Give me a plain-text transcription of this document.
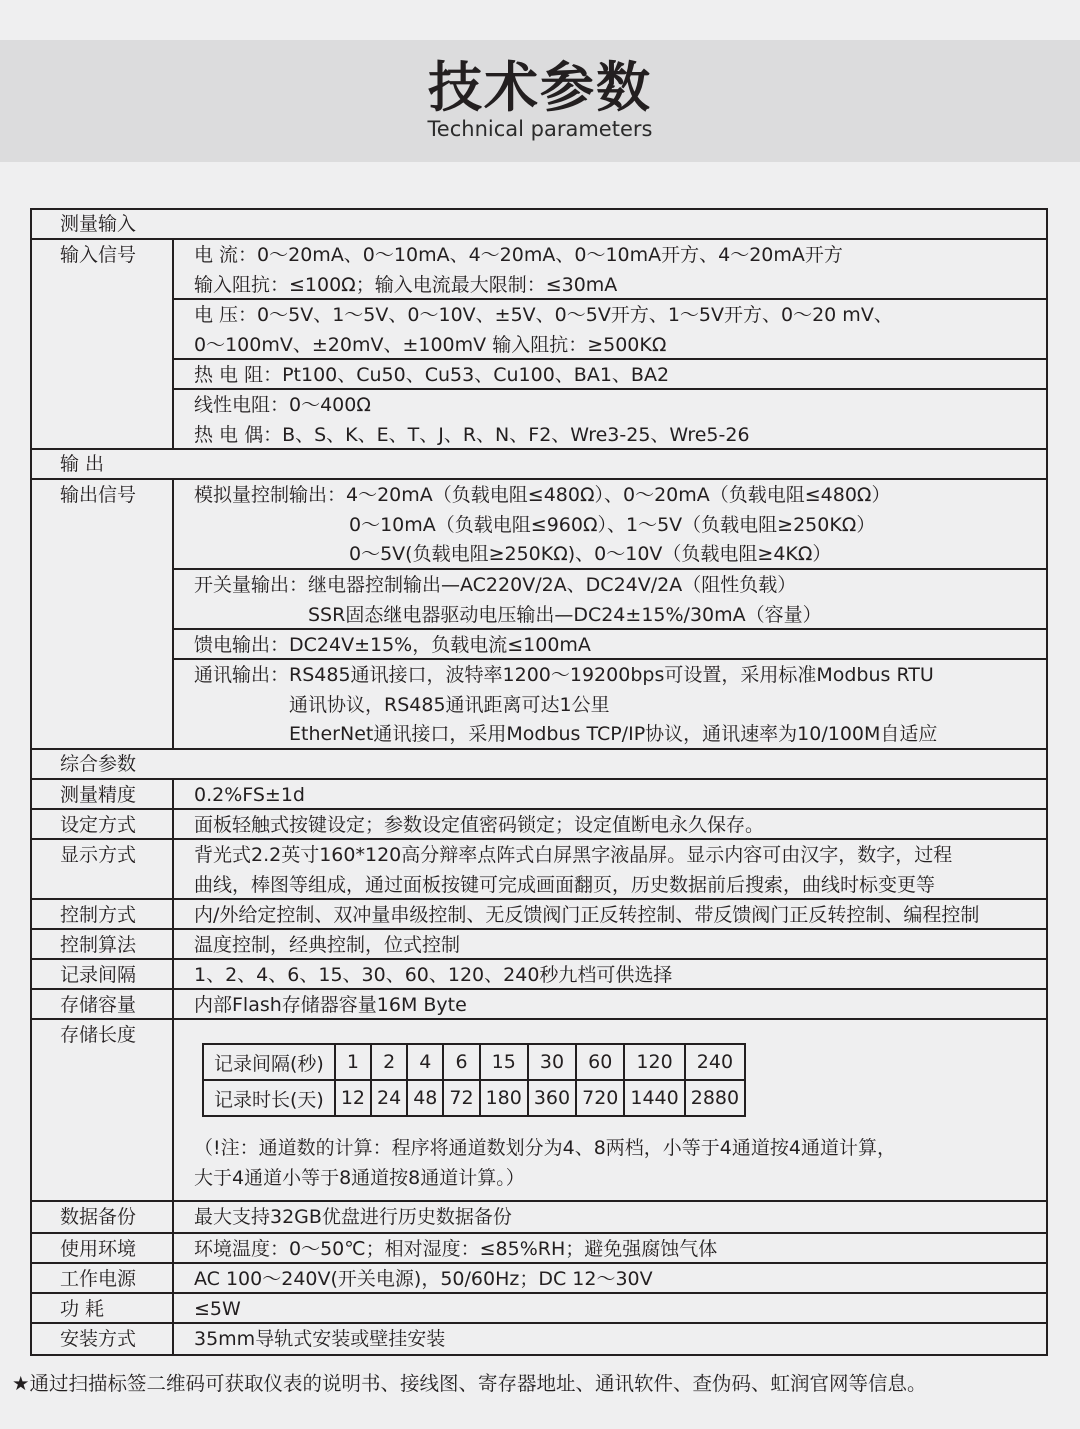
技术参数
Technical parameters
测量输入
输入信号	电 流：0～20mA、0～10mA、4～20mA、0～10mA开方、4～20mA开方
输入阻抗：≤100Ω；输入电流最大限制：≤30mA
电 压：0～5V、1～5V、0～10V、±5V、0～5V开方、1～5V开方、0～20 mV、
0～100mV、±20mV、±100mV 输入阻抗：≥500KΩ
热 电 阻：Pt100、Cu50、Cu53、Cu100、BA1、BA2
线性电阻：0～400Ω
热 电 偶：B、S、K、E、T、J、R、N、F2、Wre3-25、Wre5-26
输 出
输出信号	模拟量控制输出：4～20mA（负载电阻≤480Ω）、0～20mA（负载电阻≤480Ω）
0～10mA（负载电阻≤960Ω）、1～5V（负载电阻≥250KΩ）
0～5V(负载电阻≥250KΩ)、0～10V（负载电阻≥4KΩ）
开关量输出：继电器控制输出—AC220V/2A、DC24V/2A（阻性负载）
SSR固态继电器驱动电压输出—DC24±15%/30mA（容量）
馈电输出：DC24V±15%，负载电流≤100mA
通讯输出：RS485通讯接口，波特率1200～19200bps可设置，采用标准Modbus RTU
通讯协议，RS485通讯距离可达1公里
EtherNet通讯接口，采用Modbus TCP/IP协议，通讯速率为10/100M自适应
综合参数
测量精度	0.2%FS±1d
设定方式	面板轻触式按键设定；参数设定值密码锁定；设定值断电永久保存。
显示方式	背光式2.2英寸160*120高分辩率点阵式白屏黑字液晶屏。显示内容可由汉字，数字，过程
曲线，棒图等组成，通过面板按键可完成画面翻页，历史数据前后搜索，曲线时标变更等
控制方式	内/外给定控制、双冲量串级控制、无反馈阀门正反转控制、带反馈阀门正反转控制、编程控制
控制算法	温度控制，经典控制，位式控制
记录间隔	1、2、4、6、15、30、60、120、240秒九档可供选择
存储容量	内部Flash存储器容量16M Byte
存储长度
记录间隔(秒)	1	2	4	6	15	30	60	120	240
记录时长(天)	12	24	48	72	180	360	720	1440	2880
（!注：通道数的计算：程序将通道数划分为4、8两档，小等于4通道按4通道计算，
大于4通道小等于8通道按8通道计算。）
数据备份	最大支持32GB优盘进行历史数据备份
使用环境	环境温度：0～50℃；相对湿度：≤85%RH；避免强腐蚀气体
工作电源	AC 100～240V(开关电源)，50/60Hz；DC 12～30V
功 耗	≤5W
安装方式	35mm导轨式安装或壁挂安装
★通过扫描标签二维码可获取仪表的说明书、接线图、寄存器地址、通讯软件、查伪码、虹润官网等信息。
